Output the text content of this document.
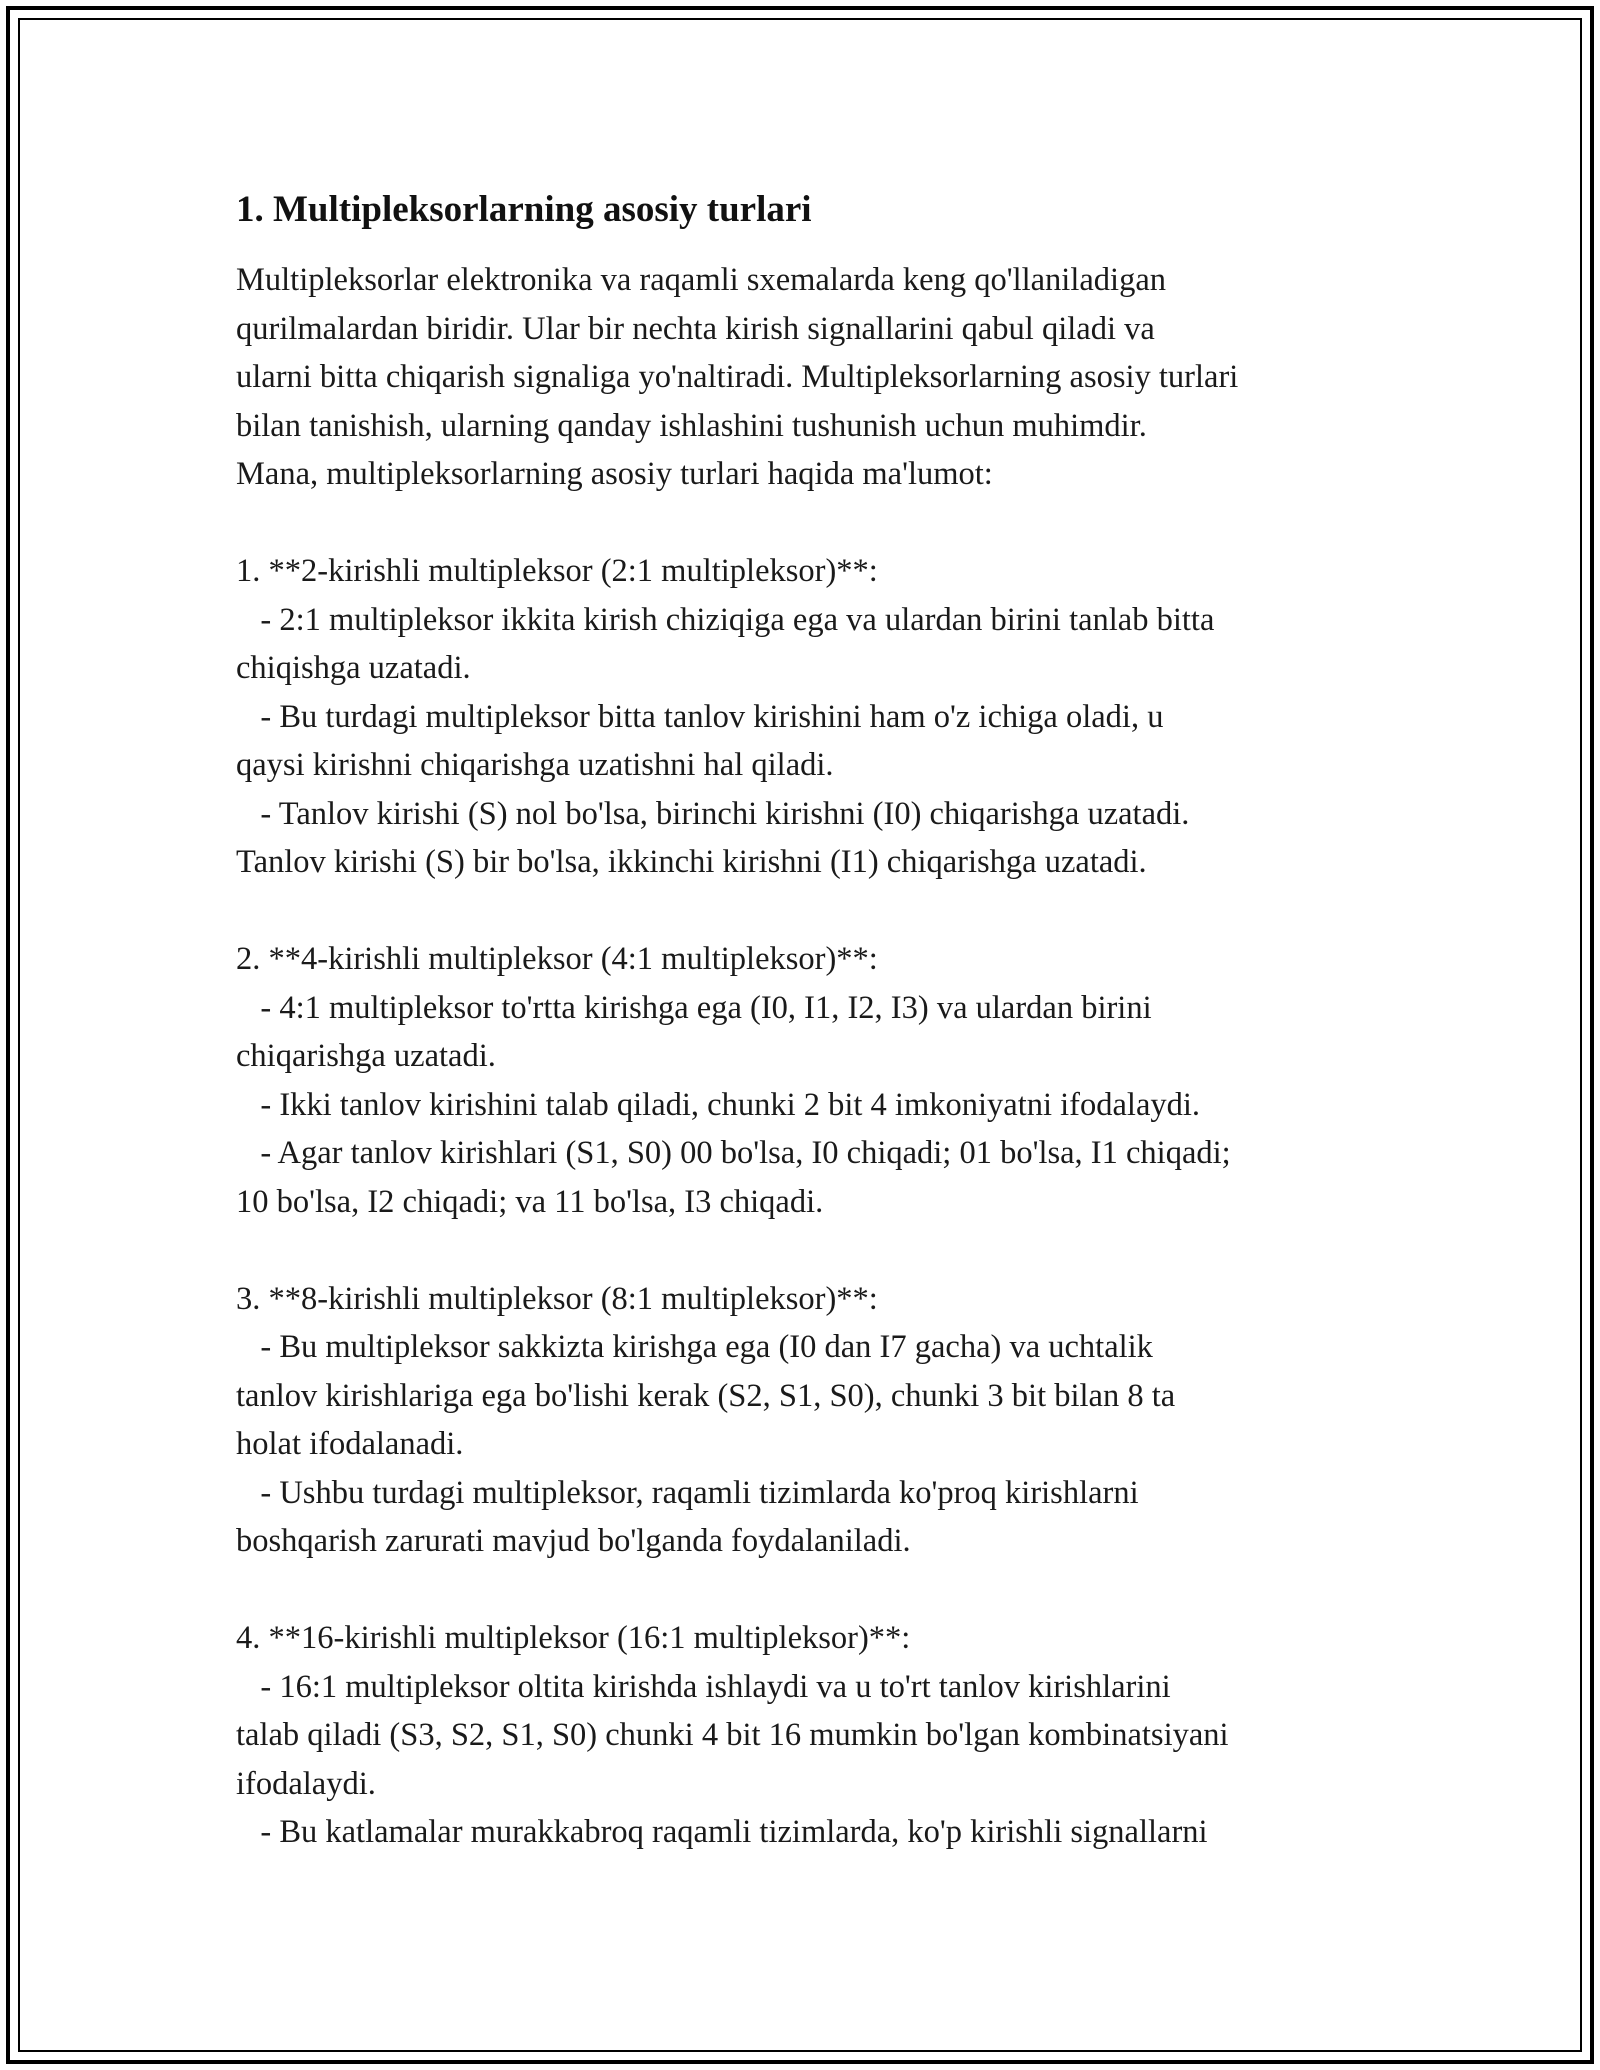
1. Multipleksorlarning asosiy turlari

Multipleksorlar elektronika va raqamli sxemalarda keng qo'llaniladigan
qurilmalardan biridir. Ular bir nechta kirish signallarini qabul qiladi va
ularni bitta chiqarish signaliga yo'naltiradi. Multipleksorlarning asosiy turlari
bilan tanishish, ularning qanday ishlashini tushunish uchun muhimdir.
Mana, multipleksorlarning asosiy turlari haqida ma'lumot:

1. **2-kirishli multipleksor (2:1 multipleksor)**:
- 2:1 multipleksor ikkita kirish chiziqiga ega va ulardan birini tanlab bitta
chiqishga uzatadi.
- Bu turdagi multipleksor bitta tanlov kirishini ham o'z ichiga oladi, u
qaysi kirishni chiqarishga uzatishni hal qiladi.
- Tanlov kirishi (S) nol bo'lsa, birinchi kirishni (I0) chiqarishga uzatadi.
Tanlov kirishi (S) bir bo'lsa, ikkinchi kirishni (I1) chiqarishga uzatadi.

2. **4-kirishli multipleksor (4:1 multipleksor)**:
- 4:1 multipleksor to'rtta kirishga ega (I0, I1, I2, I3) va ulardan birini
chiqarishga uzatadi.
- Ikki tanlov kirishini talab qiladi, chunki 2 bit 4 imkoniyatni ifodalaydi.
- Agar tanlov kirishlari (S1, S0) 00 bo'lsa, I0 chiqadi; 01 bo'lsa, I1 chiqadi;
10 bo'lsa, I2 chiqadi; va 11 bo'lsa, I3 chiqadi.

3. **8-kirishli multipleksor (8:1 multipleksor)**:
- Bu multipleksor sakkizta kirishga ega (I0 dan I7 gacha) va uchtalik
tanlov kirishlariga ega bo'lishi kerak (S2, S1, S0), chunki 3 bit bilan 8 ta
holat ifodalanadi.
- Ushbu turdagi multipleksor, raqamli tizimlarda ko'proq kirishlarni
boshqarish zarurati mavjud bo'lganda foydalaniladi.

4. **16-kirishli multipleksor (16:1 multipleksor)**:
- 16:1 multipleksor oltita kirishda ishlaydi va u to'rt tanlov kirishlarini
talab qiladi (S3, S2, S1, S0) chunki 4 bit 16 mumkin bo'lgan kombinatsiyani
ifodalaydi.
- Bu katlamalar murakkabroq raqamli tizimlarda, ko'p kirishli signallarni
